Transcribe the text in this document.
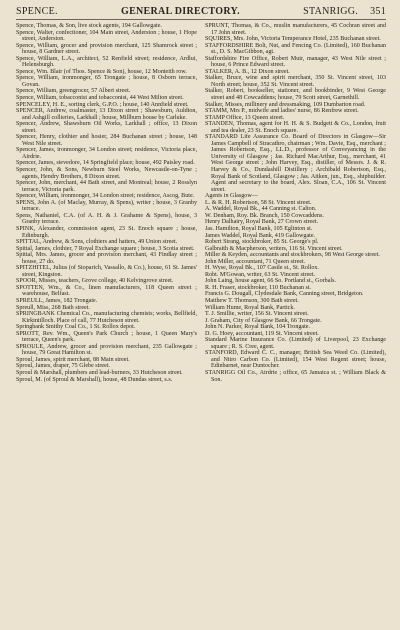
SPENCE.	GENERAL DIRECTORY.	STANRIGG. 351

Spence, Thomas, & Son, live stock agents, 194 Gallowgate.

Spence, Walter, confectioner, 104 Main street, Anderston ; house, 1 Hope street, Anderston.

Spence, William, grocer and provision merchant, 125 Shamrock street ; house, 8 Gardner street.

Spence, William, L.A., architect, 52 Renfield street; residence, Ardlui, Helensburgh.

Spence, Wm. Blair (of Thos. Spence & Son), house, 12 Monteith row.

Spence, William, ironmonger, 65 Trongate ; house, 8 Osborn terrace, Govan.

Spence, William, greengrocer, 57 Albert street.

Spence, William, tobacconist and tobacconist, 44 West Milton street.

SPENCELEY, H. E., sorting clerk, G.P.O. ; house, 140 Annfield street.

SPENCER, Andrew, coalmaster, 13 Dixon street ; Shawsburn, Auldton, and Ashgill collieries, Larkhall ; house, Millburn house by Carluke.

Spencer, Andrew, Shawsburn Oil Works, Larkhall ; office, 13 Dixon street.

Spencer, Henry, clothier and hosier, 284 Buchanan street ; house, 148 West Nile street.

Spencer, James, ironmonger, 34 London street; residence, Victoria place, Airdrie.

Spencer, James, stevedore, 14 Springfield place; house, 492 Paisley road.

Spencer, John, & Sons, Newburn Steel Works, Newcastle-on-Tyne ; agents, Hendry Brothers, 8 Dixon street.

Spencer, John, merchant, 44 Bath street, and Montreal; house, 2 Rosslyn terrace, Victoria park.

Spencer, William, ironmonger, 34 London street; residence, Ascog, Bute.

SPENS, John A. (of Maclay, Murray, & Spens), writer ; house, 3 Granby terrace.

Spens, Nathaniel, C.A. (of A. H. & J. Grahame & Spens), house, 3 Granby terrace.

SPINK, Alexander, commission agent, 23 St. Enoch square ; house, Edinburgh.

SPITTAL, Andrew, & Sons, clothiers and hatters, 49 Union street.

Spittal, James, clothier, 7 Royal Exchange square ; house, 3 Scotia street.

Spittal, Mrs. James, grocer and provision merchant, 43 Findlay street ; house, 27 do.

SPITZHITEL, Julius (of Stoparich, Vassallo, & Co.), house, 61 St. James' street, Kingston.

SPOOR, Misses, teachers, Grove college, 40 Kelvingrove street.

SPOTTEN, Wm., & Co., linen manufacturers, 118 Queen street ; warehouse, Belfast.

SPREULL, James, 182 Trongate.

Spreull, Miss, 268 Bath street.

SPRINGBANK Chemical Co., manufacturing chemists; works, Bellfield, Kirkintilloch. Place of call, 77 Hutcheson street.

Springbank Smithy Coal Co., 1 St. Rollox depot.

SPROTT, Rev. Wm., Queen's Park Church ; house, 1 Queen Mary's terrace, Queen's park.

SPROULE, Andrew, grocer and provision merchant, 235 Gallowgate ; house, 79 Great Hamilton st.

Sproul, James, spirit merchant, 88 Main street.

Sproul, James, draper, 75 Glebe street.

Sproul & Marshall, plumbers and lead-burners, 33 Hutcheson street.

Sproul, M. (of Sproul & Marshall), house, 48 Dundas street, s.s.

SPRUNT, Thomas, & Co., muslin manufacturers, 45 Cochran street and 17 John street.

SQUIRES, Mrs. John, Victoria Temperance Hotel, 235 Buchanan street.

STAFFORDSHIRE Bolt, Nut, and Fencing Co. (Limited), 160 Buchanan st., D. S. MacGibbon, agt.

Staffordshire Fire Office, Robert Muir, manager, 43 West Nile street ; house, 6 Prince Edward street.

STALKER, A. B., 12 Dixon street.

Stalker, Bruce, wine and spirit merchant, 350 St. Vincent street, 103 North street; house, 352 St. Vincent street.

Stalker, Robert, bookseller, stationer, and bookbinder, 9 West George street and 48 Cowcaddens; house, 79 Scott street, Garnethill.

Stalker, Misses, millinery and dressmaking, 109 Dumbarton road.

STAMM, Mrs P., midwife and ladies' nurse, 86 Renfrew street.

STAMP Office, 13 Queen street.

STANDEN, Thomas, agent for H. H. & S. Budgett & Co., London, fruit and tea dealer, 23 St. Enoch square.

STANDARD Life Assurance Co. Board of Directors in Glasgow—Sir James Campbell of Stracathro, chairman ; Wm. Davie, Esq., merchant ; James Robertson, Esq., LL.D., professor of Conveyancing in the University of Glasgow ; Jas. Richard MacArthur, Esq., merchant, 41 West George street ; John Harvey, Esq., distiller, of Messrs. J. & R. Harvey & Co., Dundashill Distillery ; Archibald Robertson, Esq., Royal Bank of Scotland, Glasgow ; Jas. Aitken, jun., Esq., shipbuilder. Agent and secretary to the board, Alex. Sloan, C.A., 106 St. Vincent street.

Agents in Glasgow—

L. & R. H. Robertson, 58 St. Vincent street.

A. Waddel, Royal Bk., 44 Canning st. Calton.

W. Denham, Roy. Bk. Branch, 150 Cowcaddens.

Henry Dalhairy, Royal Bank, 27 Crown street.

Jas. Hamilton, Royal Bank, 105 Eglinton st.

James Waddel, Royal Bank, 419 Gallowgate.

Robert Strang, stockbroker, 85 St. George's pl.

Galbraith & Macpherson, writers, 116 St. Vincent street.

Miller & Keyden, accountants and stockbrokers, 98 West George street.

John Miller, accountant, 71 Queen street.

H. Wyse, Royal Bk., 107 Castle st., St. Rollox.

Robt. M'Gowan, writer, 63 St. Vincent street.

John Laing, house agent, 66 So. Portland st., Gorbals.

R. H. Fraser, stockbroker, 110 Buchanan st.

Francis G. Dougall, Clydesdale Bank, Canning street, Bridgeton.

Matthew T. Thomson, 300 Bath street.

William Hume, Royal Bank, Partick.

T. J. Smillie, writer, 156 St. Vincent street.

J. Graham, City of Glasgow Bank, 66 Trongate.

John N. Parker, Royal Bank, 104 Trongate.

D. G. Hoey, accountant, 119 St. Vincent street.

Standard Marine Insurance Co. (Limited) of Liverpool, 23 Exchange square ; R. S. Cree, agent.

STANFORD, Edward C. C., manager, British Sea Weed Co. (Limited), and Nitro Carbon Co. (Limited), 154 West Regent street; house, Edinbarnet, near Duntocher.

STANRIGG Oil Co., Airdrie ; office, 65 Jamaica st. ; William Black & Son.
